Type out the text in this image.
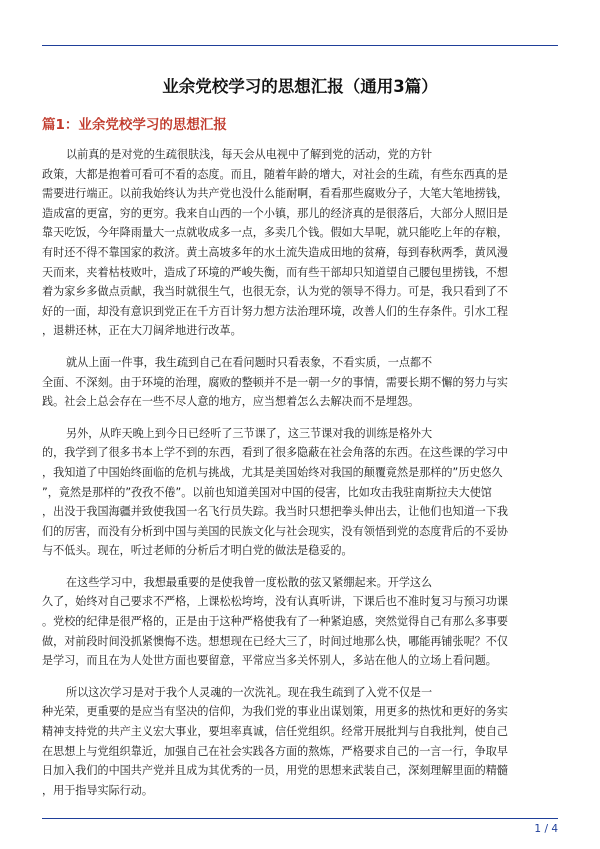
业余党校学习的思想汇报（通用3篇）
篇1：业余党校学习的思想汇报
以前真的是对党的生疏很肤浅，每天会从电视中了解到党的活动，党的方针
政策，大都是抱着可看可不看的态度。而且，随着年龄的增大，对社会的生疏，有些东西真的是
需要进行端正。以前我始终认为共产党也没什么能耐啊，看看那些腐败分子，大笔大笔地捞钱，
造成富的更富，穷的更穷。我来自山西的一个小镇，那儿的经济真的是很落后，大部分人照旧是
靠天吃饭，今年降雨量大一点就收成多一点，多卖几个钱。假如大旱呢，就只能吃上年的存粮，
有时还不得不靠国家的救济。黄土高坡多年的水土流失造成田地的贫瘠，每到春秋两季，黄风漫
天而来，夹着枯枝败叶，造成了环境的严峻失衡，而有些干部却只知道望自己腰包里捞钱，不想
着为家乡多做点贡献，我当时就很生气，也很无奈，认为党的领导不得力。可是，我只看到了不
好的一面，却没有意识到党正在千方百计努力想方法治理环境，改善人们的生存条件。引水工程
，退耕还林，正在大刀阔斧地进行改革。
就从上面一件事，我生疏到自己在看问题时只看表象，不看实质，一点都不
全面、不深刻。由于环境的治理，腐败的整顿并不是一朝一夕的事情，需要长期不懈的努力与实
践。社会上总会存在一些不尽人意的地方，应当想着怎么去解决而不是埋怨。
另外，从昨天晚上到今日已经听了三节课了，这三节课对我的训练是格外大
的，我学到了很多书本上学不到的东西，看到了很多隐蔽在社会角落的东西。在这些课的学习中
，我知道了中国始终面临的危机与挑战，尤其是美国始终对我国的颠覆竟然是那样的”历史悠久
”，竟然是那样的”孜孜不倦”。以前也知道美国对中国的侵害，比如攻击我驻南斯拉夫大使馆
，出没于我国海疆并致使我国一名飞行员失踪。我当时只想把拳头伸出去，让他们也知道一下我
们的厉害，而没有分析到中国与美国的民族文化与社会现实，没有领悟到党的态度背后的不妥协
与不低头。现在，听过老师的分析后才明白党的做法是稳妥的。
在这些学习中，我想最重要的是使我曾一度松散的弦又紧绷起来。开学这么
久了，始终对自己要求不严格，上课松松垮垮，没有认真听讲，下课后也不准时复习与预习功课
。党校的纪律是很严格的，正是由于这种严格使我有了一种紧迫感，突然觉得自己有那么多事要
做，对前段时间没抓紧懊悔不迭。想想现在已经大三了，时间过地那么快，哪能再铺张呢？不仅
是学习，而且在为人处世方面也要留意，平常应当多关怀别人，多站在他人的立场上看问题。
所以这次学习是对于我个人灵魂的一次洗礼。现在我生疏到了入党不仅是一
种光荣，更重要的是应当有坚决的信仰，为我们党的事业出谋划策，用更多的热忱和更好的务实
精神支持党的共产主义宏大事业，要坦率真诚，信任党组织。经常开展批判与自我批判，使自己
在思想上与党组织靠近，加强自己在社会实践各方面的熬炼，严格要求自己的一言一行，争取早
日加入我们的中国共产党并且成为其优秀的一员，用党的思想来武装自己，深刻理解里面的精髓
，用于指导实际行动。
1 / 4
